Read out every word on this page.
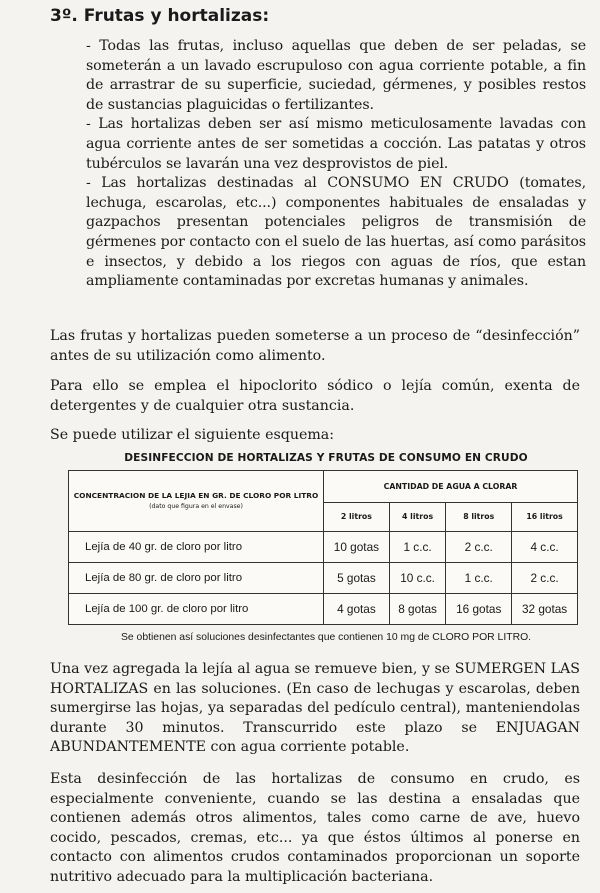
3º. Frutas y hortalizas:

- Todas las frutas, incluso aquellas que deben de ser peladas, se someterán a un lavado escrupuloso con agua corriente potable, a fin de arrastrar de su superficie, suciedad, gérmenes, y posibles restos de sustancias plaguicidas o fertilizantes.

- Las hortalizas deben ser así mismo meticulosamente lavadas con agua corriente antes de ser sometidas a cocción. Las patatas y otros tubérculos se lavarán una vez desprovistos de piel.

- Las hortalizas destinadas al CONSUMO EN CRUDO (tomates, lechuga, escarolas, etc...) componentes habituales de ensaladas y gazpachos presentan potenciales peligros de transmisión de gérmenes por contacto con el suelo de las huertas, así como parásitos e insectos, y debido a los riegos con aguas de ríos, que estan ampliamente contaminadas por excretas humanas y animales.

Las frutas y hortalizas pueden someterse a un proceso de “desinfección” antes de su utilización como alimento.

Para ello se emplea el hipoclorito sódico o lejía común, exenta de detergentes y de cualquier otra sustancia.

Se puede utilizar el siguiente esquema:

DESINFECCION DE HORTALIZAS Y FRUTAS DE CONSUMO EN CRUDO

CONCENTRACION DE LA LEJIA EN GR. DE CLORO POR LITRO
(dato que figura en el envase)	CANTIDAD DE AGUA A CLORAR			
	2 litros	4 litros	8 litros	16 litros
Lejía de 40 gr. de cloro por litro	10 gotas	1 c.c.	2 c.c.	4 c.c.
Lejía de 80 gr. de cloro por litro	5 gotas	10 c.c.	1 c.c.	2 c.c.
Lejía de 100 gr. de cloro por litro	4 gotas	8 gotas	16 gotas	32 gotas

Se obtienen así soluciones desinfectantes que contienen 10 mg de CLORO POR LITRO.

Una vez agregada la lejía al agua se remueve bien, y se SUMERGEN LAS HORTALIZAS en las soluciones. (En caso de lechugas y escarolas, deben sumergirse las hojas, ya separadas del pedículo central), manteniendolas durante 30 minutos. Transcurrido este plazo se ENJUAGAN ABUNDANTEMENTE con agua corriente potable.

Esta desinfección de las hortalizas de consumo en crudo, es especialmente conveniente, cuando se las destina a ensaladas que contienen además otros alimentos, tales como carne de ave, huevo cocido, pescados, cremas, etc... ya que éstos últimos al ponerse en contacto con alimentos crudos contaminados proporcionan un soporte nutritivo adecuado para la multiplicación bacteriana.
